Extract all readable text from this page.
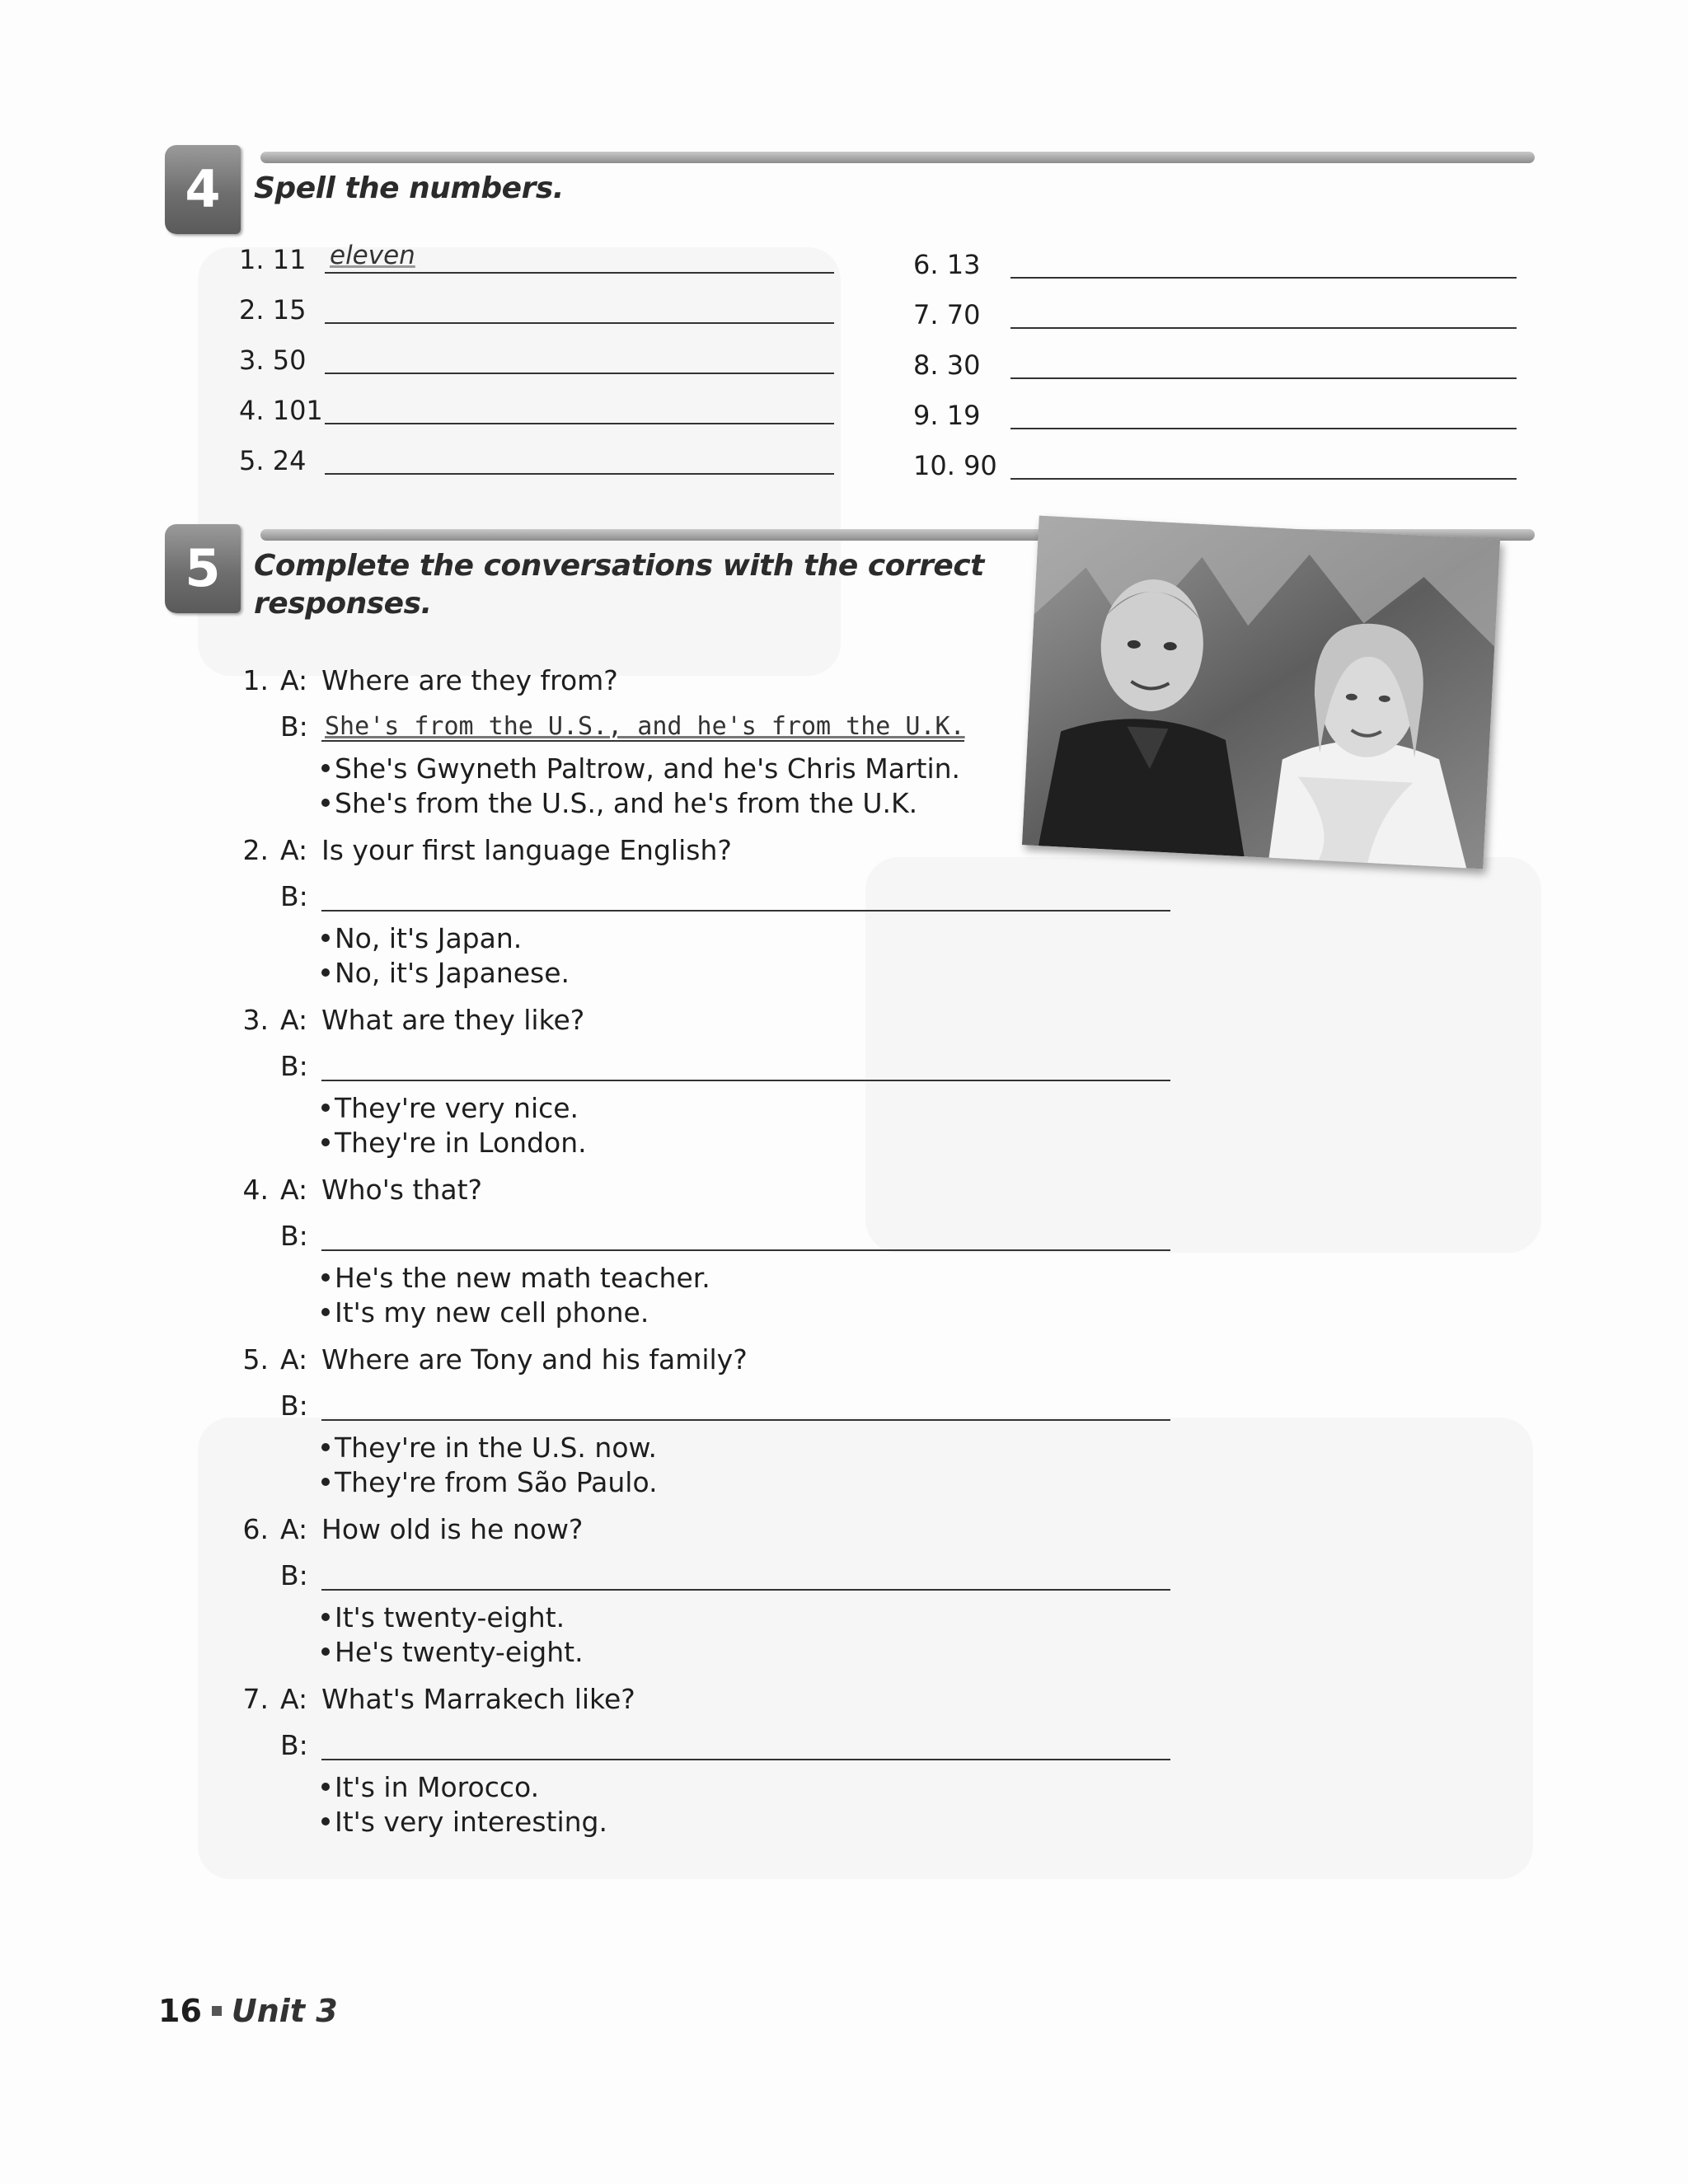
4	Spell the numbers.
1. 11 eleven
2. 15
3. 50
4. 101
5. 24
6. 13
7. 70
8. 30
9. 19
10. 90
5	Complete the conversations with the correct
responses.
1. A: Where are they from?
B: She's from the U.S., and he's from the U.K.
She's Gwyneth Paltrow, and he's Chris Martin.
She's from the U.S., and he's from the U.K.
2. A: Is your first language English?
B:
No, it's Japan.
No, it's Japanese.
3. A: What are they like?
B:
They're very nice.
They're in London.
4. A: Who's that?
B:
He's the new math teacher.
It's my new cell phone.
5. A: Where are Tony and his family?
B:
They're in the U.S. now.
They're from São Paulo.
6. A: How old is he now?
B:
It's twenty-eight.
He's twenty-eight.
7. A: What's Marrakech like?
B:
It's in Morocco.
It's very interesting.
16 Unit 3
